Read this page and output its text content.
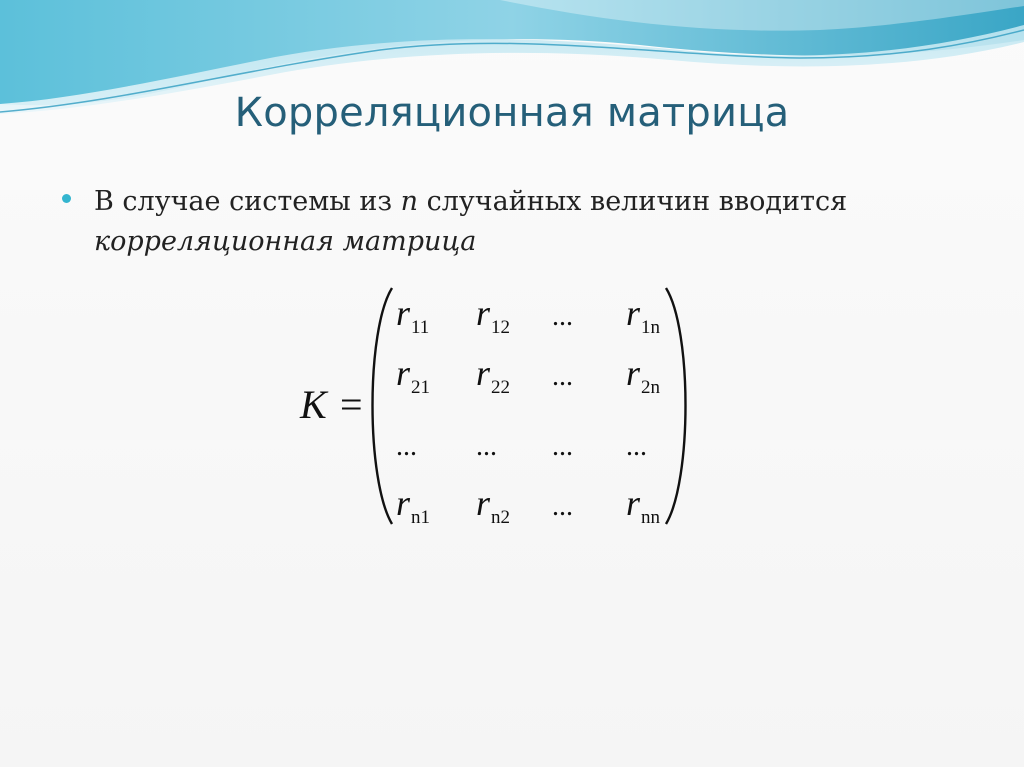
Корреляционная матрица
В случае системы из n случайных величин вводится
корреляционная матрица
K =
r11 r12 ... r1n
r21 r22 ... r2n
... ... ... ...
rn1 rn2 ... rnn
